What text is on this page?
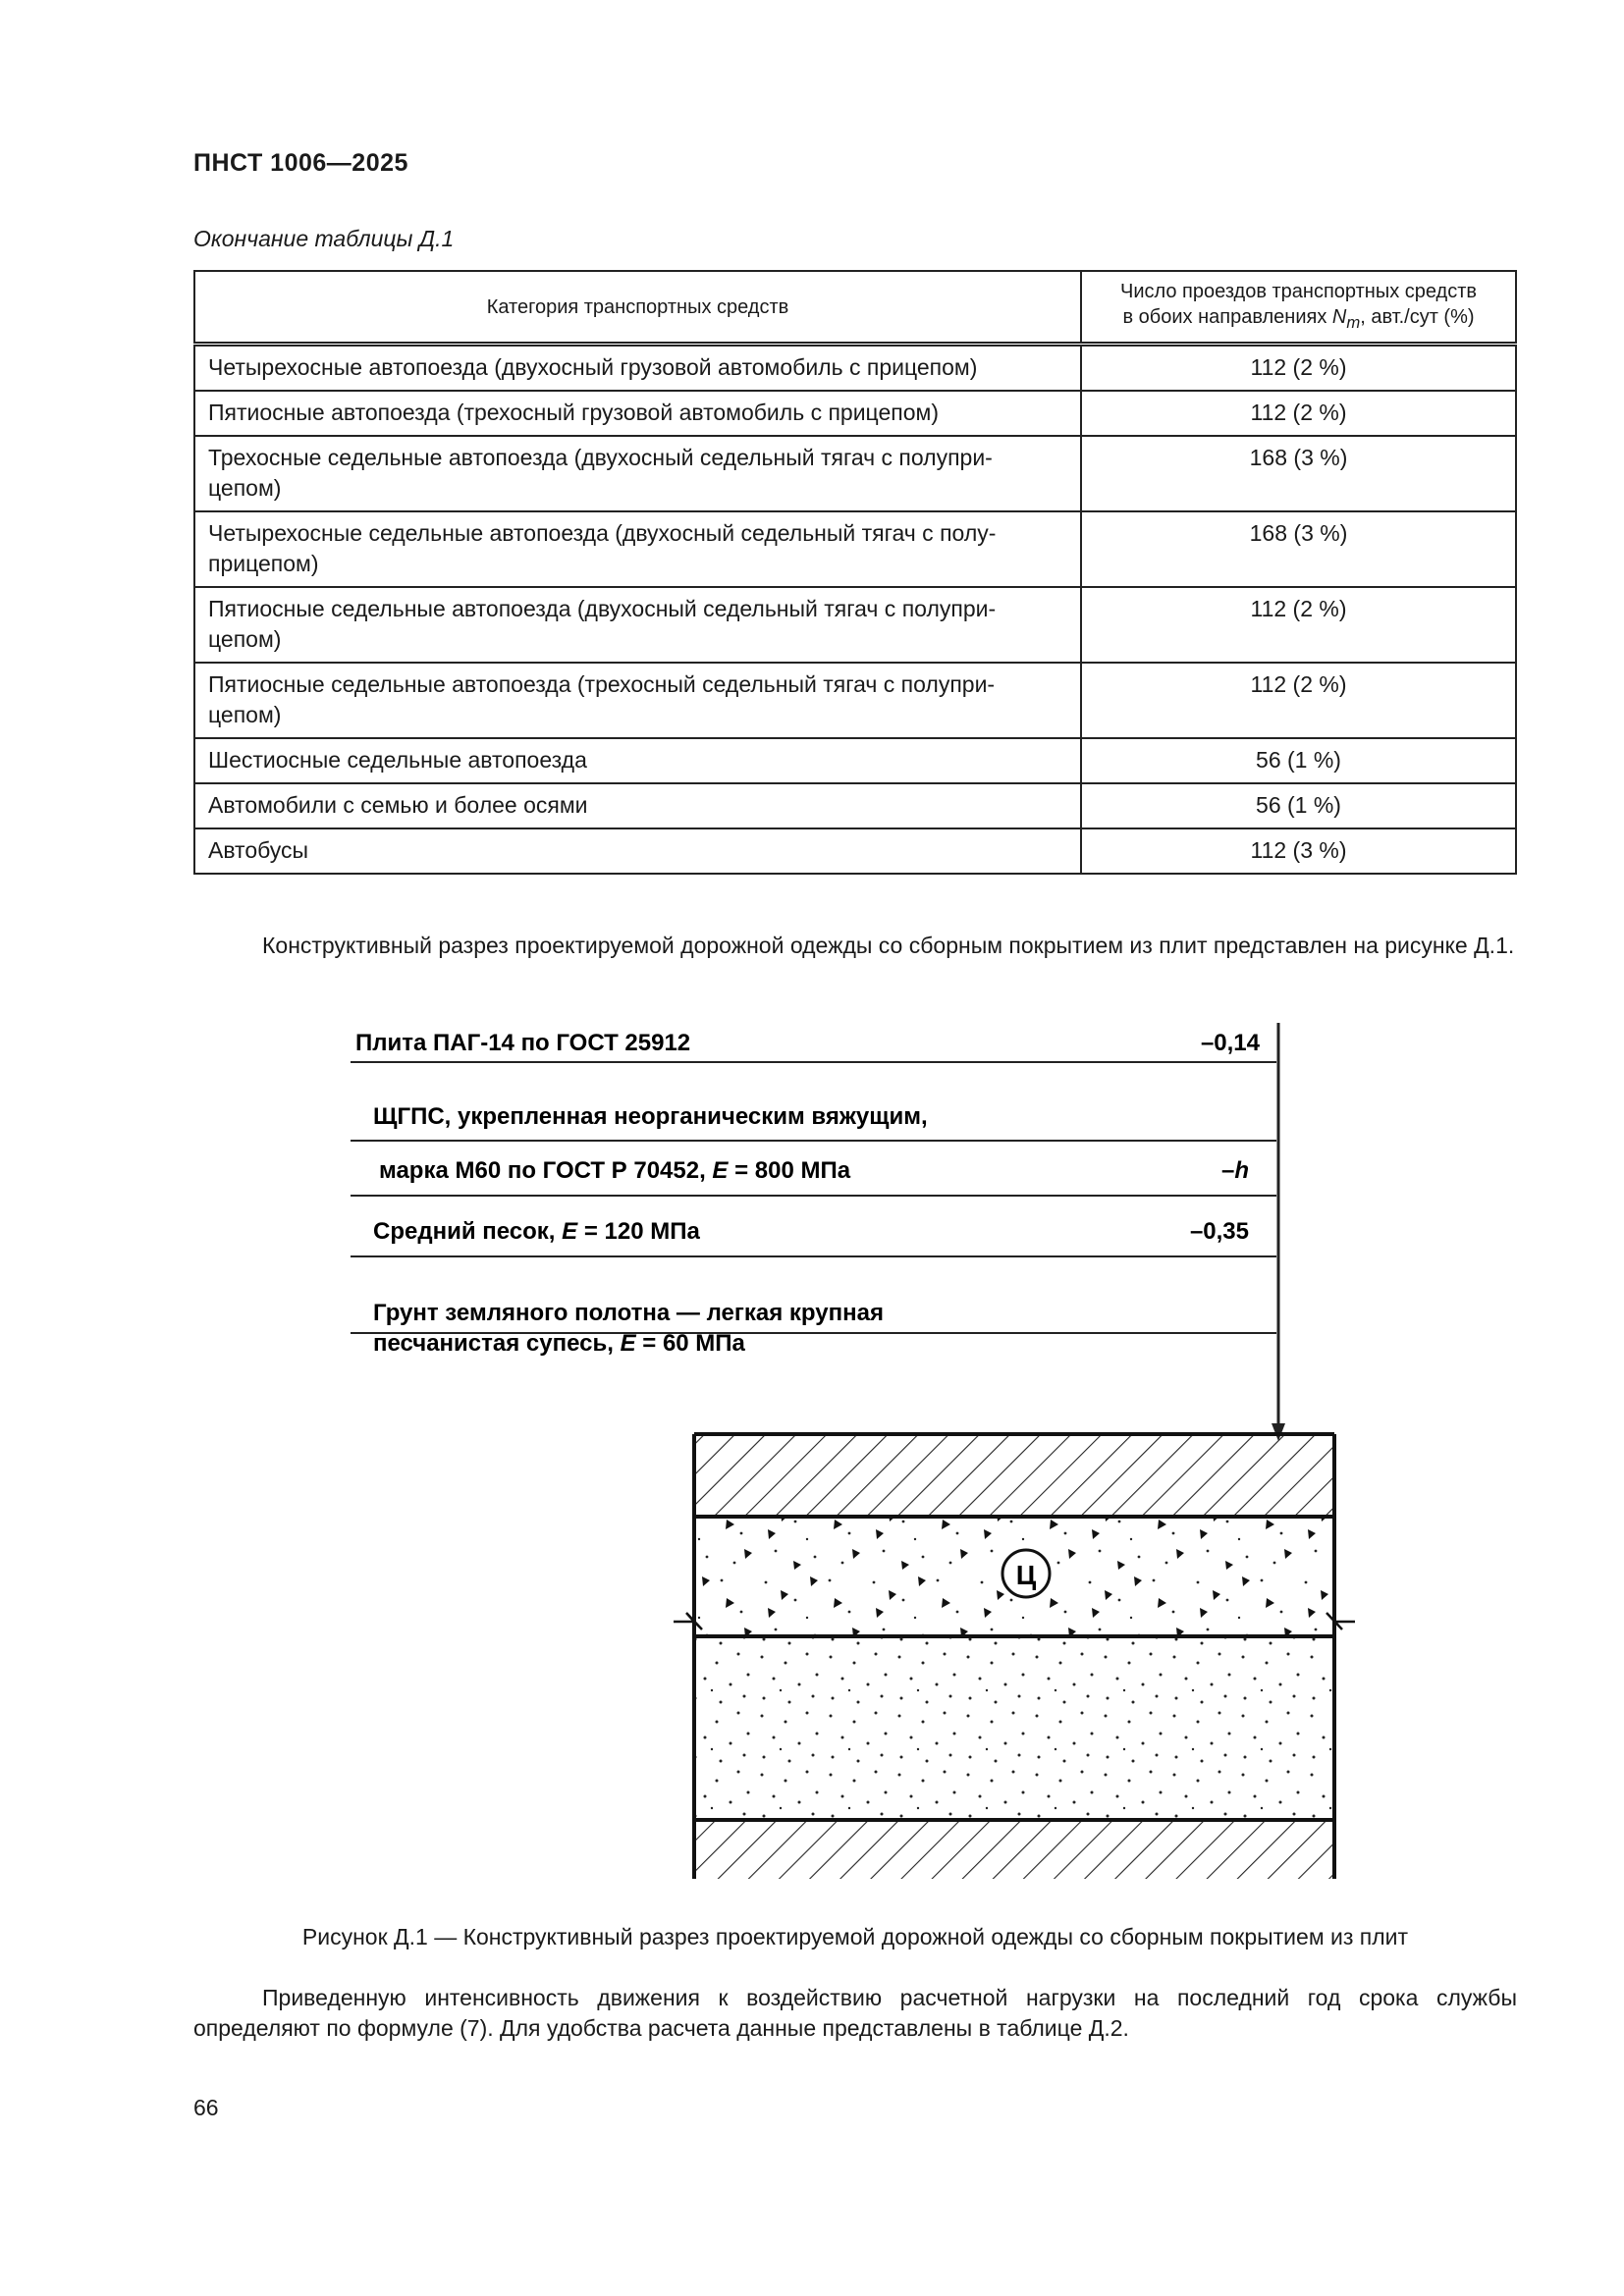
ПНСТ 1006—2025
Окончание таблицы Д.1
Категория транспортных средств	Число проездов транспортных средств
в обоих направлениях $N_m$, авт./сут (%)
Четырехосные автопоезда (двухосный грузовой автомобиль с прицепом)	112 (2 %)
Пятиосные автопоезда (трехосный грузовой автомобиль с прицепом)	112 (2 %)
Трехосные седельные автопоезда (двухосный седельный тягач с полупри-
цепом)	168 (3 %)
Четырехосные седельные автопоезда (двухосный седельный тягач с полу-
прицепом)	168 (3 %)
Пятиосные седельные автопоезда (двухосный седельный тягач с полупри-
цепом)	112 (2 %)
Пятиосные седельные автопоезда (трехосный седельный тягач с полупри-
цепом)	112 (2 %)
Шестиосные седельные автопоезда	56 (1 %)
Автомобили с семью и более осями	56 (1 %)
Автобусы	112 (3 %)
Конструктивный разрез проектируемой дорожной одежды со сборным покрытием из плит представлен на рисунке Д.1.
Плита ПАГ-14 по ГОСТ 25912	–0,14
ЩГПС, укрепленная неорганическим вяжущим,
марка М60 по ГОСТ Р 70452, E = 800 МПа	–h
Средний песок, E = 120 МПа	–0,35
Грунт земляного полотна — легкая крупная
песчанистая супесь, E = 60 МПа
Ц
Рисунок Д.1 — Конструктивный разрез проектируемой дорожной одежды со сборным покрытием из плит
Приведенную интенсивность движения к воздействию расчетной нагрузки на последний год срока службы определяют по формуле (7). Для удобства расчета данные представлены в таблице Д.2.
66
